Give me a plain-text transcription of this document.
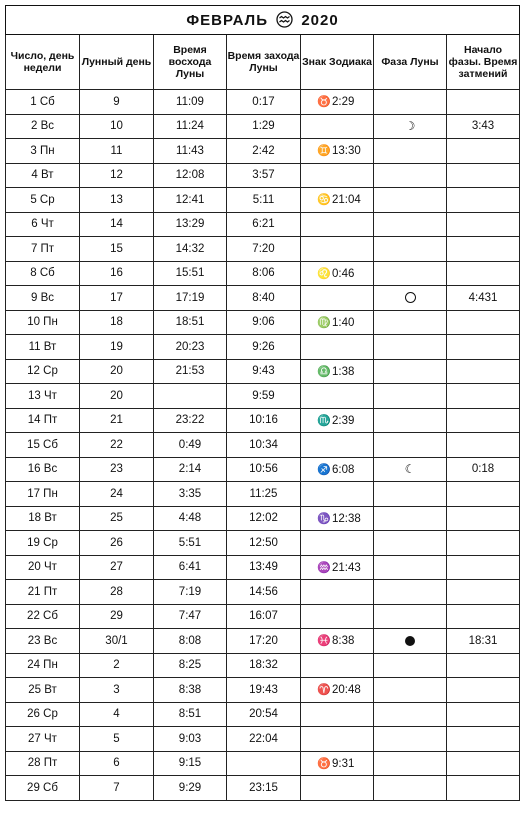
ФЕВРАЛЬ 2020						
Число, день недели	Лунный день	Время восхода Луны	Время захода Луны	Знак Зодиака	Фаза Луны	Начало фазы. Время затмений
1 Сб	9	11:09	0:17	♉2:29		
2 Вс	10	11:24	1:29		☽	3:43
3 Пн	11	11:43	2:42	♊13:30		
4 Вт	12	12:08	3:57			
5 Ср	13	12:41	5:11	♋21:04		
6 Чт	14	13:29	6:21			
7 Пт	15	14:32	7:20			
8 Сб	16	15:51	8:06	♌0:46		
9 Вс	17	17:19	8:40			4:431
10 Пн	18	18:51	9:06	♍1:40		
11 Вт	19	20:23	9:26			
12 Ср	20	21:53	9:43	♎1:38		
13 Чт	20		9:59			
14 Пт	21	23:22	10:16	♏2:39		
15 Сб	22	0:49	10:34			
16 Вс	23	2:14	10:56	♐6:08	☾	0:18
17 Пн	24	3:35	11:25			
18 Вт	25	4:48	12:02	♑12:38		
19 Ср	26	5:51	12:50			
20 Чт	27	6:41	13:49	♒21:43		
21 Пт	28	7:19	14:56			
22 Сб	29	7:47	16:07			
23 Вс	30/1	8:08	17:20	♓8:38		18:31
24 Пн	2	8:25	18:32			
25 Вт	3	8:38	19:43	♈20:48		
26 Ср	4	8:51	20:54			
27 Чт	5	9:03	22:04			
28 Пт	6	9:15		♉9:31		
29 Сб	7	9:29	23:15			
